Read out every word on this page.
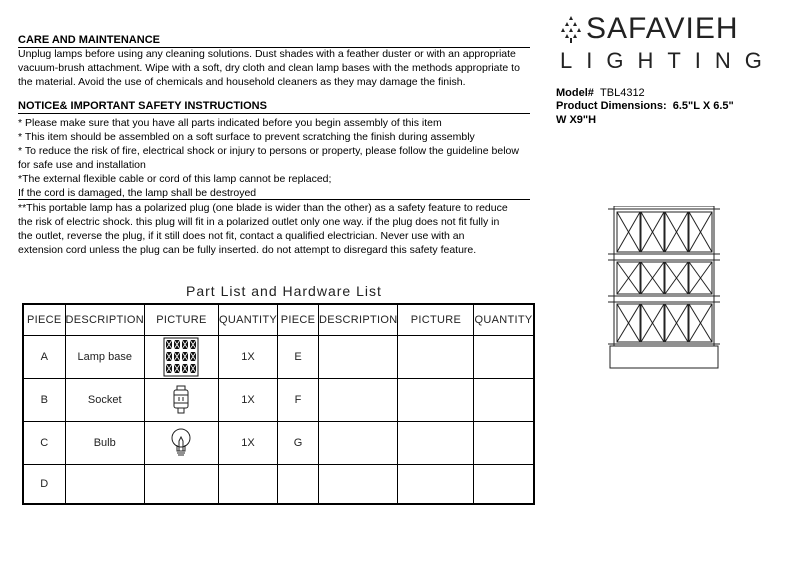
CARE AND MAINTENANCE

Unplug lamps before using any cleaning solutions. Dust shades with a feather duster or with an appropriate

vacuum-brush attachment. Wipe with a soft, dry cloth and clean lamp bases with the methods appropriate to

the material. Avoid the use of chemicals and household cleaners as they may damage the finish.

NOTICE& IMPORTANT SAFETY INSTRUCTIONS

* Please make sure that you have all parts indicated before you begin assembly of this item

* This item should be assembled on a soft surface to prevent scratching the finish during assembly

* To reduce the risk of fire, electrical shock or injury to persons or property, please follow the guideline below

for safe use and installation

*The external flexible cable or cord of this lamp cannot be replaced;

If the cord is damaged, the lamp shall be destroyed

**This portable lamp has a polarized plug (one blade is wider than the other) as a safety feature to reduce

the risk of electric shock. this plug will fit in a polarized outlet only one way. if the plug does not fit fully in

the outlet, reverse the plug, if it still does not fit, contact a qualified electrician. Never use with an

extension cord unless the plug can be fully inserted. do not attempt to disregard this safety feature.

SAFAVIEH
LIGHTING
Model# TBL4312
Product Dimensions: 6.5"L X 6.5"
W X9"H
Part List and Hardware List
PIECE	DESCRIPTION	PICTURE	QUANTITY	PIECE	DESCRIPTION	PICTURE	QUANTITY
A	Lamp base		1X	E			
B	Socket		1X	F			
C	Bulb		1X	G			
D							
